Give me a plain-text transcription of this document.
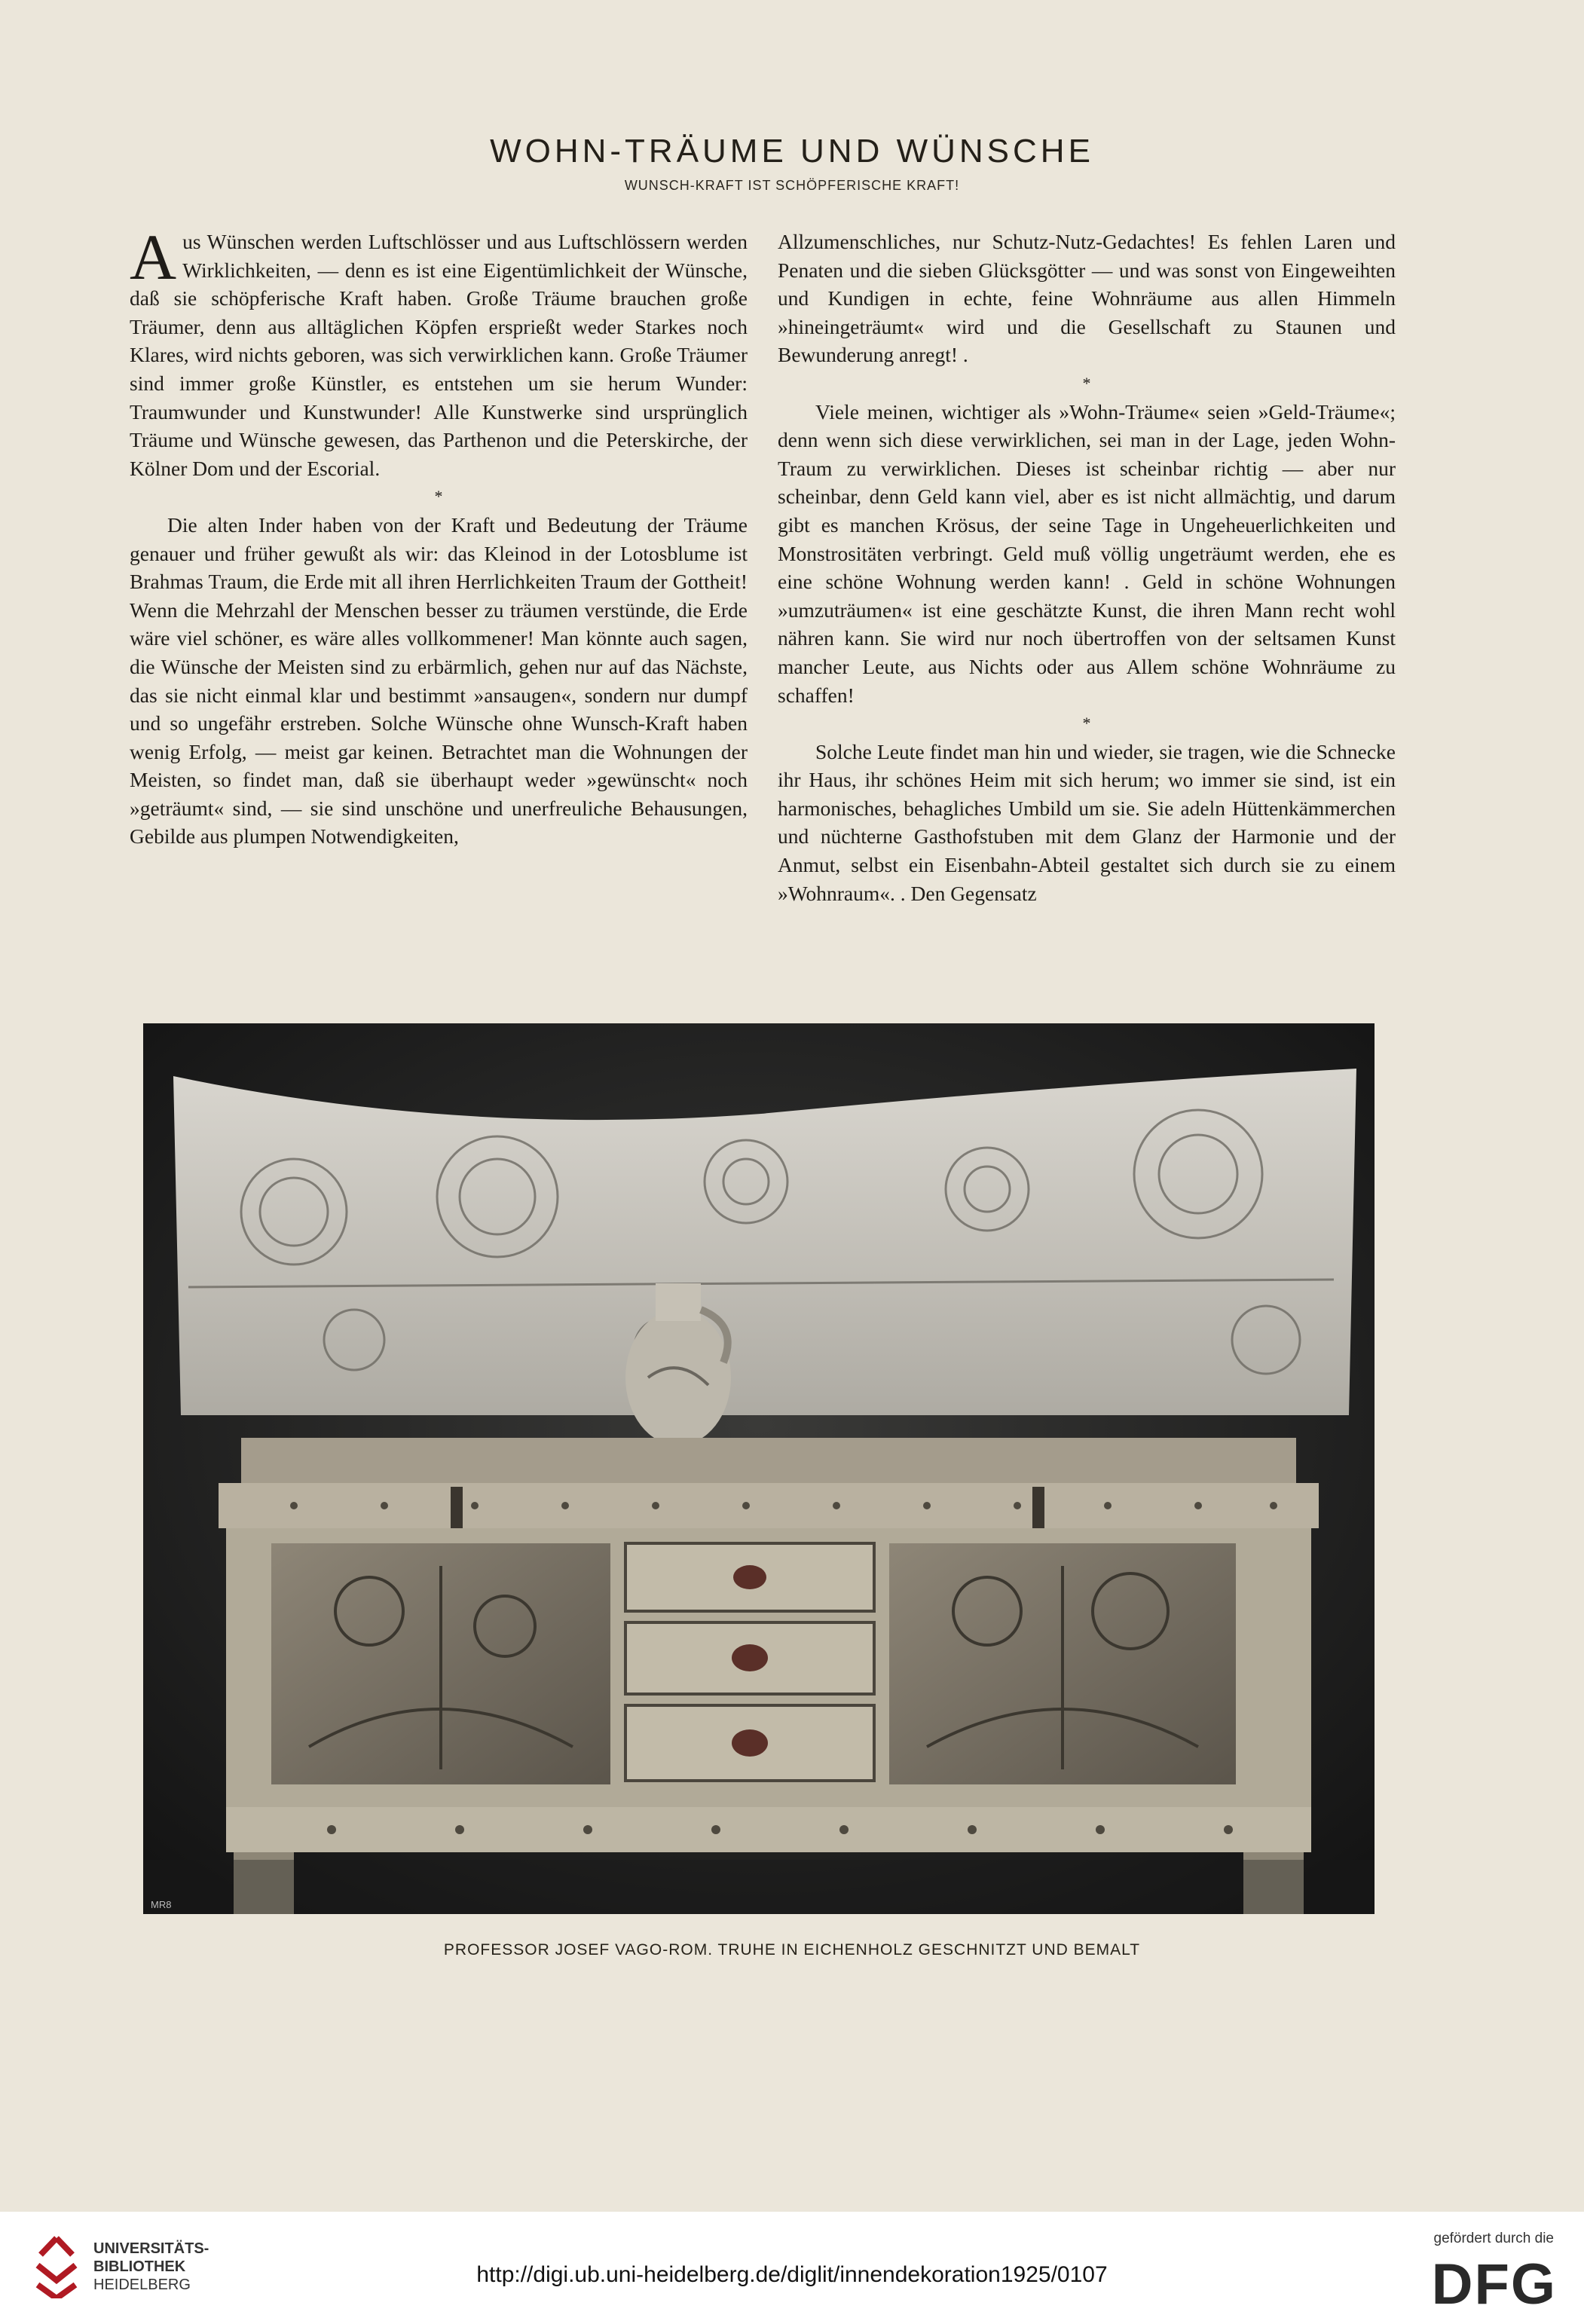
WOHN-TRÄUME UND WÜNSCHE
WUNSCH-KRAFT IST SCHÖPFERISCHE KRAFT!

Aus Wünschen werden Luftschlösser und aus Luftschlössern werden Wirklichkeiten, — denn es ist eine Eigentümlichkeit der Wünsche, daß sie schöpferische Kraft haben. Große Träume brauchen große Träumer, denn aus alltäglichen Köpfen ersprießt weder Starkes noch Klares, wird nichts geboren, was sich verwirklichen kann. Große Träumer sind immer große Künstler, es entstehen um sie herum Wunder: Traumwunder und Kunstwunder! Alle Kunstwerke sind ursprünglich Träume und Wünsche gewesen, das Parthenon und die Peterskirche, der Kölner Dom und der Escorial.

*

Die alten Inder haben von der Kraft und Bedeutung der Träume genauer und früher gewußt als wir: das Kleinod in der Lotosblume ist Brahmas Traum, die Erde mit all ihren Herrlichkeiten Traum der Gottheit! Wenn die Mehrzahl der Menschen besser zu träumen verstünde, die Erde wäre viel schöner, es wäre alles vollkommener! Man könnte auch sagen, die Wünsche der Meisten sind zu erbärmlich, gehen nur auf das Nächste, das sie nicht einmal klar und bestimmt »ansaugen«, sondern nur dumpf und so ungefähr erstreben. Solche Wünsche ohne Wunsch-Kraft haben wenig Erfolg, — meist gar keinen. Betrachtet man die Wohnungen der Meisten, so findet man, daß sie überhaupt weder »gewünscht« noch »geträumt« sind, — sie sind unschöne und unerfreuliche Behausungen, Gebilde aus plumpen Notwendigkeiten,

Allzumenschliches, nur Schutz-Nutz-Gedachtes! Es fehlen Laren und Penaten und die sieben Glücksgötter — und was sonst von Eingeweihten und Kundigen in echte, feine Wohnräume aus allen Himmeln »hineingeträumt« wird und die Gesellschaft zu Staunen und Bewunderung anregt! .

*

Viele meinen, wichtiger als »Wohn-Träume« seien »Geld-Träume«; denn wenn sich diese verwirklichen, sei man in der Lage, jeden Wohn-Traum zu verwirklichen. Dieses ist scheinbar richtig — aber nur scheinbar, denn Geld kann viel, aber es ist nicht allmächtig, und darum gibt es manchen Krösus, der seine Tage in Ungeheuerlichkeiten und Monstrositäten verbringt. Geld muß völlig ungeträumt werden, ehe es eine schöne Wohnung werden kann! . Geld in schöne Wohnungen »umzuträumen« ist eine geschätzte Kunst, die ihren Mann recht wohl nähren kann. Sie wird nur noch übertroffen von der seltsamen Kunst mancher Leute, aus Nichts oder aus Allem schöne Wohnräume zu schaffen!

*

Solche Leute findet man hin und wieder, sie tragen, wie die Schnecke ihr Haus, ihr schönes Heim mit sich herum; wo immer sie sind, ist ein harmonisches, behagliches Umbild um sie. Sie adeln Hüttenkämmerchen und nüchterne Gasthofstuben mit dem Glanz der Harmonie und der Anmut, selbst ein Eisenbahn-Abteil gestaltet sich durch sie zu einem »Wohnraum«. . Den Gegensatz

MR8
PROFESSOR JOSEF VAGO-ROM. TRUHE IN EICHENHOLZ GESCHNITZT UND BEMALT
UNIVERSITÄTS-
BIBLIOTHEK
HEIDELBERG	http://digi.ub.uni-heidelberg.de/diglit/innendekoration1925/0107
gefördert durch die
DFG
